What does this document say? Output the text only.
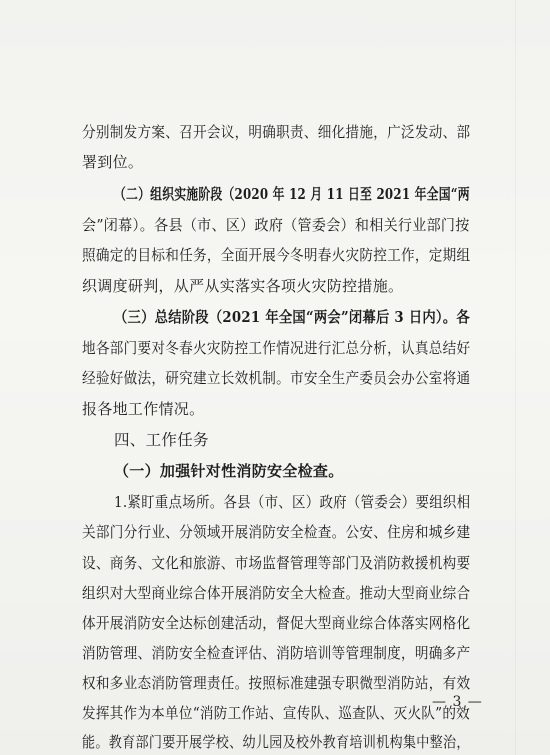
分别制发方案、召开会议，明确职责、细化措施，广泛发动、部
署到位。
（二）组织实施阶段（2020 年 12 月 11 日至 2021 年全国“两
会”闭幕）。各县（市、区）政府（管委会）和相关行业部门按
照确定的目标和任务，全面开展今冬明春火灾防控工作，定期组
织调度研判，从严从实落实各项火灾防控措施。
（三）总结阶段（2021 年全国“两会”闭幕后 3 日内）。各
地各部门要对冬春火灾防控工作情况进行汇总分析，认真总结好
经验好做法，研究建立长效机制。市安全生产委员会办公室将通
报各地工作情况。
四、工作任务
（一）加强针对性消防安全检查。
1.紧盯重点场所。各县（市、区）政府（管委会）要组织相
关部门分行业、分领域开展消防安全检查。公安、住房和城乡建
设、商务、文化和旅游、市场监督管理等部门及消防救援机构要
组织对大型商业综合体开展消防安全大检查。推动大型商业综合
体开展消防安全达标创建活动，督促大型商业综合体落实网格化
消防管理、消防安全检查评估、消防培训等管理制度，明确多产
权和多业态消防管理责任。按照标准建强专职微型消防站，有效
发挥其作为本单位“消防工作站、宣传队、巡查队、灭火队”的效
能。教育部门要开展学校、幼儿园及校外教育培训机构集中整治，
— 3 —
